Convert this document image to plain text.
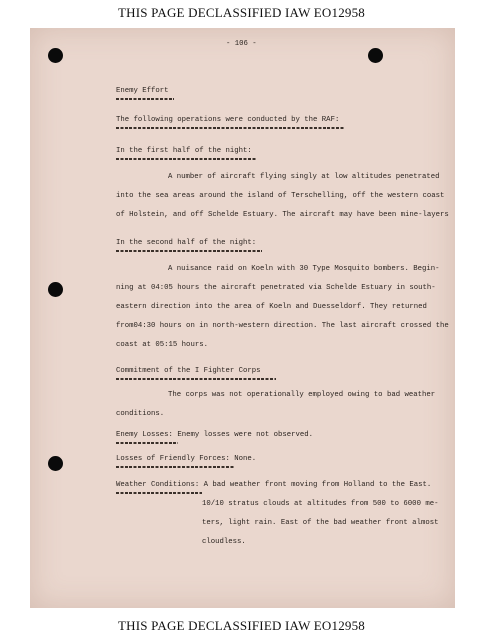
THIS PAGE DECLASSIFIED IAW EO12958
- 106 -
Enemy Effort
The following operations were conducted by the RAF:
In the first half of the night:
A number of aircraft flying singly at low altitudes penetrated
into the sea areas around the island of Terschelling, off the western coast
of Holstein, and off Schelde Estuary. The aircraft may have been mine-layers
In the second half of the night:
A nuisance raid on Koeln with 30 Type Mosquito bombers. Begin-
ning at 04:05 hours the aircraft penetrated via Schelde Estuary in south-
eastern direction into the area of Koeln and Duesseldorf. They returned
from04:30 hours on in north-western direction. The last aircraft crossed the
coast at 05:15 hours.
Commitment of the I Fighter Corps
The corps was not operationally employed owing to bad weather
conditions.
Enemy Losses: Enemy losses were not observed.
Losses of Friendly Forces: None.
Weather Conditions: A bad weather front moving from Holland to the East.
10/10 stratus clouds at altitudes from 500 to 6000 me-
ters, light rain. East of the bad weather front almost
cloudless.
THIS PAGE DECLASSIFIED IAW EO12958
